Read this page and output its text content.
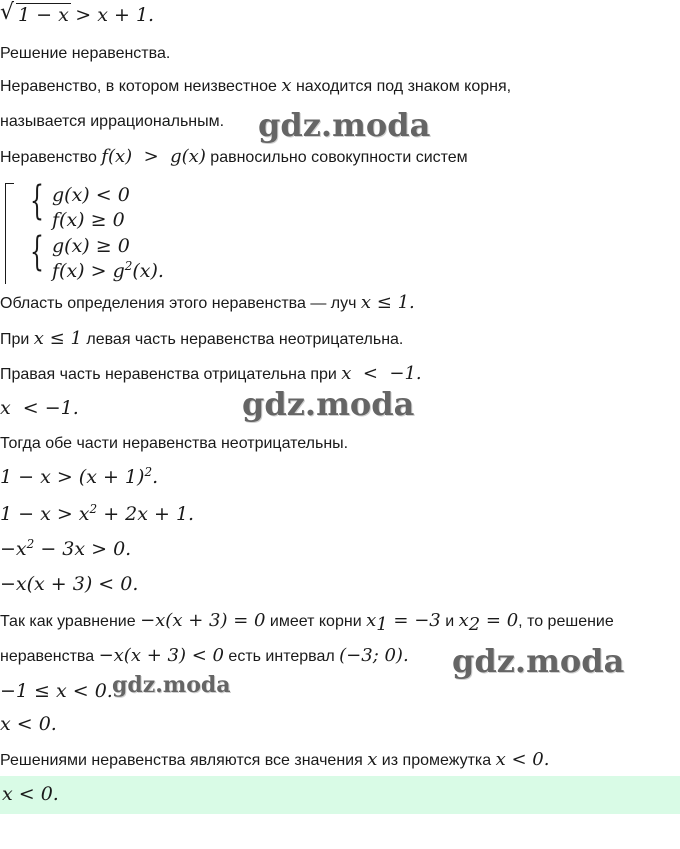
√ 1 − x > x + 1.
Решение неравенства.
Неравенство, в котором неизвестное x находится под знаком корня,
называется иррациональным.
Неравенство f(x)  >  g(x) равносильно совокупности систем
{
{
g(x) < 0
f(x) ≥ 0
g(x) ≥ 0
$f(x) > g^2(x)$.
Область определения этого неравенства — луч x ≤ 1.
При x ≤ 1 левая часть неравенства неотрицательна.
Правая часть неравенства отрицательна при x  <  −1.
x  < −1.
Тогда обе части неравенства неотрицательны.
$1 - x > (x + 1)^2$.
$1 - x > x^2 + 2x + 1$.
$-x^2 - 3x > 0$.
−x(x + 3) < 0.
Так как уравнение −x(x + 3) = 0 имеет корни $x_1 = -3$ и $x_2 = 0$, то решение
неравенства −x(x + 3) < 0 есть интервал (−3; 0).
−1 ≤ x < 0.
x < 0.
Решениями неравенства являются все значения x из промежутка x < 0.
x < 0.
gdz.moda
gdz.moda
gdz.moda
gdz.moda
